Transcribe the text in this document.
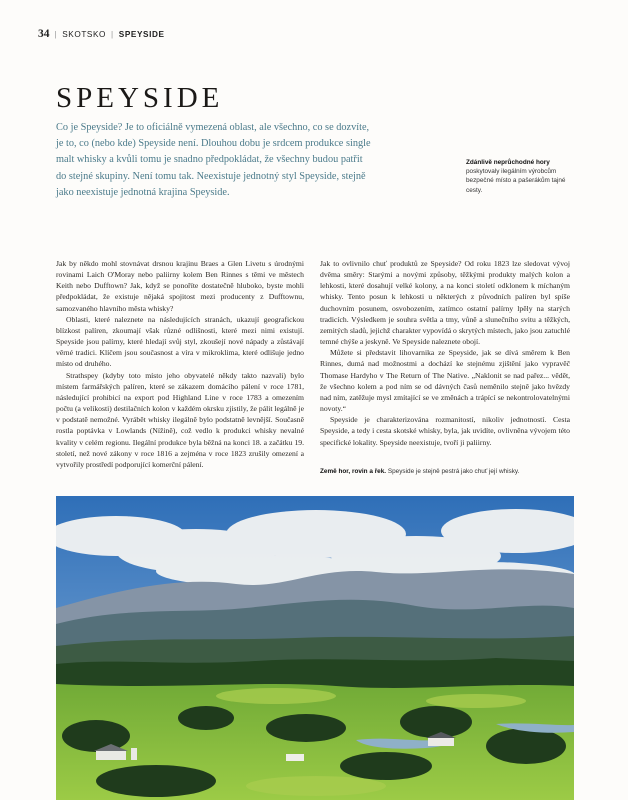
34 | SKOTSKO | SPEYSIDE
SPEYSIDE

Co je Speyside? Je to oficiálně vymezená oblast, ale všechno, co se dozvíte, je to, co (nebo kde) Speyside není. Dlouhou dobu je srdcem produkce single malt whisky a kvůli tomu je snadno předpokládat, že všechny budou patřit do stejné skupiny. Není tomu tak. Neexistuje jednotný styl Speyside, stejně jako neexistuje jednotná krajina Speyside.

Zdánlivě neprůchodné hory poskytovaly ilegálním výrobcům bezpečné místo a pašerákům tajné cesty.

Jak by někdo mohl stovnávat drsnou krajinu Braes a Glen Livetu s úrodnými rovinami Laich O'Moray nebo paliirny kolem Ben Rinnes s těmi ve městech Keith nebo Dufftown? Jak, když se ponoříte dostatečně hluboko, byste mohli předpokládat, že existuje nějaká spojitost mezi producenty z Dufftownu, samozvaného hlavního města whisky?

Oblasti, které naleznete na následujících stranách, ukazují geografickou blízkost palíren, zkoumají však různé odlišnosti, které mezi nimi existují. Speyside jsou palírny, které hledají svůj styl, zkoušejí nové nápady a zůstávají věrné tradici. Klíčem jsou současnost a víra v mikroklima, které odlišuje jedno místo od druhého.

Strathspey (kdyby toto místo jeho obyvatelé někdy takto nazvali) bylo místem farmářských palíren, které se zákazem domácího pálení v roce 1781, následující prohibicí na export pod Highland Line v roce 1783 a omezením počtu (a velikosti) destilačních kolon v každém okrsku zjistily, že pálit legálně je v podstatě nemožné. Vyrábět whisky ilegálně bylo podstatně levnější. Současně rostla poptávka v Lowlands (Nížině), což vedlo k produkci whisky nevalné kvality v celém regionu. Ilegální produkce byla běžná na konci 18. a začátku 19. století, než nové zákony v roce 1816 a zejména v roce 1823 zrušily omezení a vytvořily prostředí podporující komerční pálení.

Jak to ovlivnilo chuť produktů ze Speyside? Od roku 1823 lze sledovat vývoj dvěma směry: Starými a novými způsoby, těžkými produkty malých kolon a lehkosti, které dosahují velké kolony, a na konci století odklonem k míchaným whisky. Tento posun k lehkosti u některých z původních palíren byl spíše duchovním posunem, osvobozením, zatímco ostatní palírny lpěly na starých tradicích. Výsledkem je souhra světla a tmy, vůně a slunečního svitu a těžkých, zemitých sladů, jejichž charakter vypovídá o skrytých místech, jako jsou zatuchlé temné chýše a jeskyně. Ve Speyside naleznete obojí.

Můžete si představit lihovarnika ze Speyside, jak se dívá směrem k Ben Rinnes, dumá nad možnostmi a dochází ke stejnému zjištění jako vypravěč Thomase Hardyho v The Return of The Native. „Naklonit se nad pařez... vědět, že všechno kolem a pod ním se od dávných časů neměnilo stejně jako hvězdy nad ním, zatěžuje mysl zmítající se ve změnách a trápící se nekontrolovatelnými novoty.“

Speyside je charakterizována rozmanitostí, nikoliv jednotností. Cesta Speyside, a tedy i cesta skotské whisky, byla, jak uvidíte, ovlivněna vývojem této specifické lokality. Speyside neexistuje, tvoří ji paliirny.

Země hor, rovin a řek. Speyside je stejně pestrá jako chuť její whisky.
